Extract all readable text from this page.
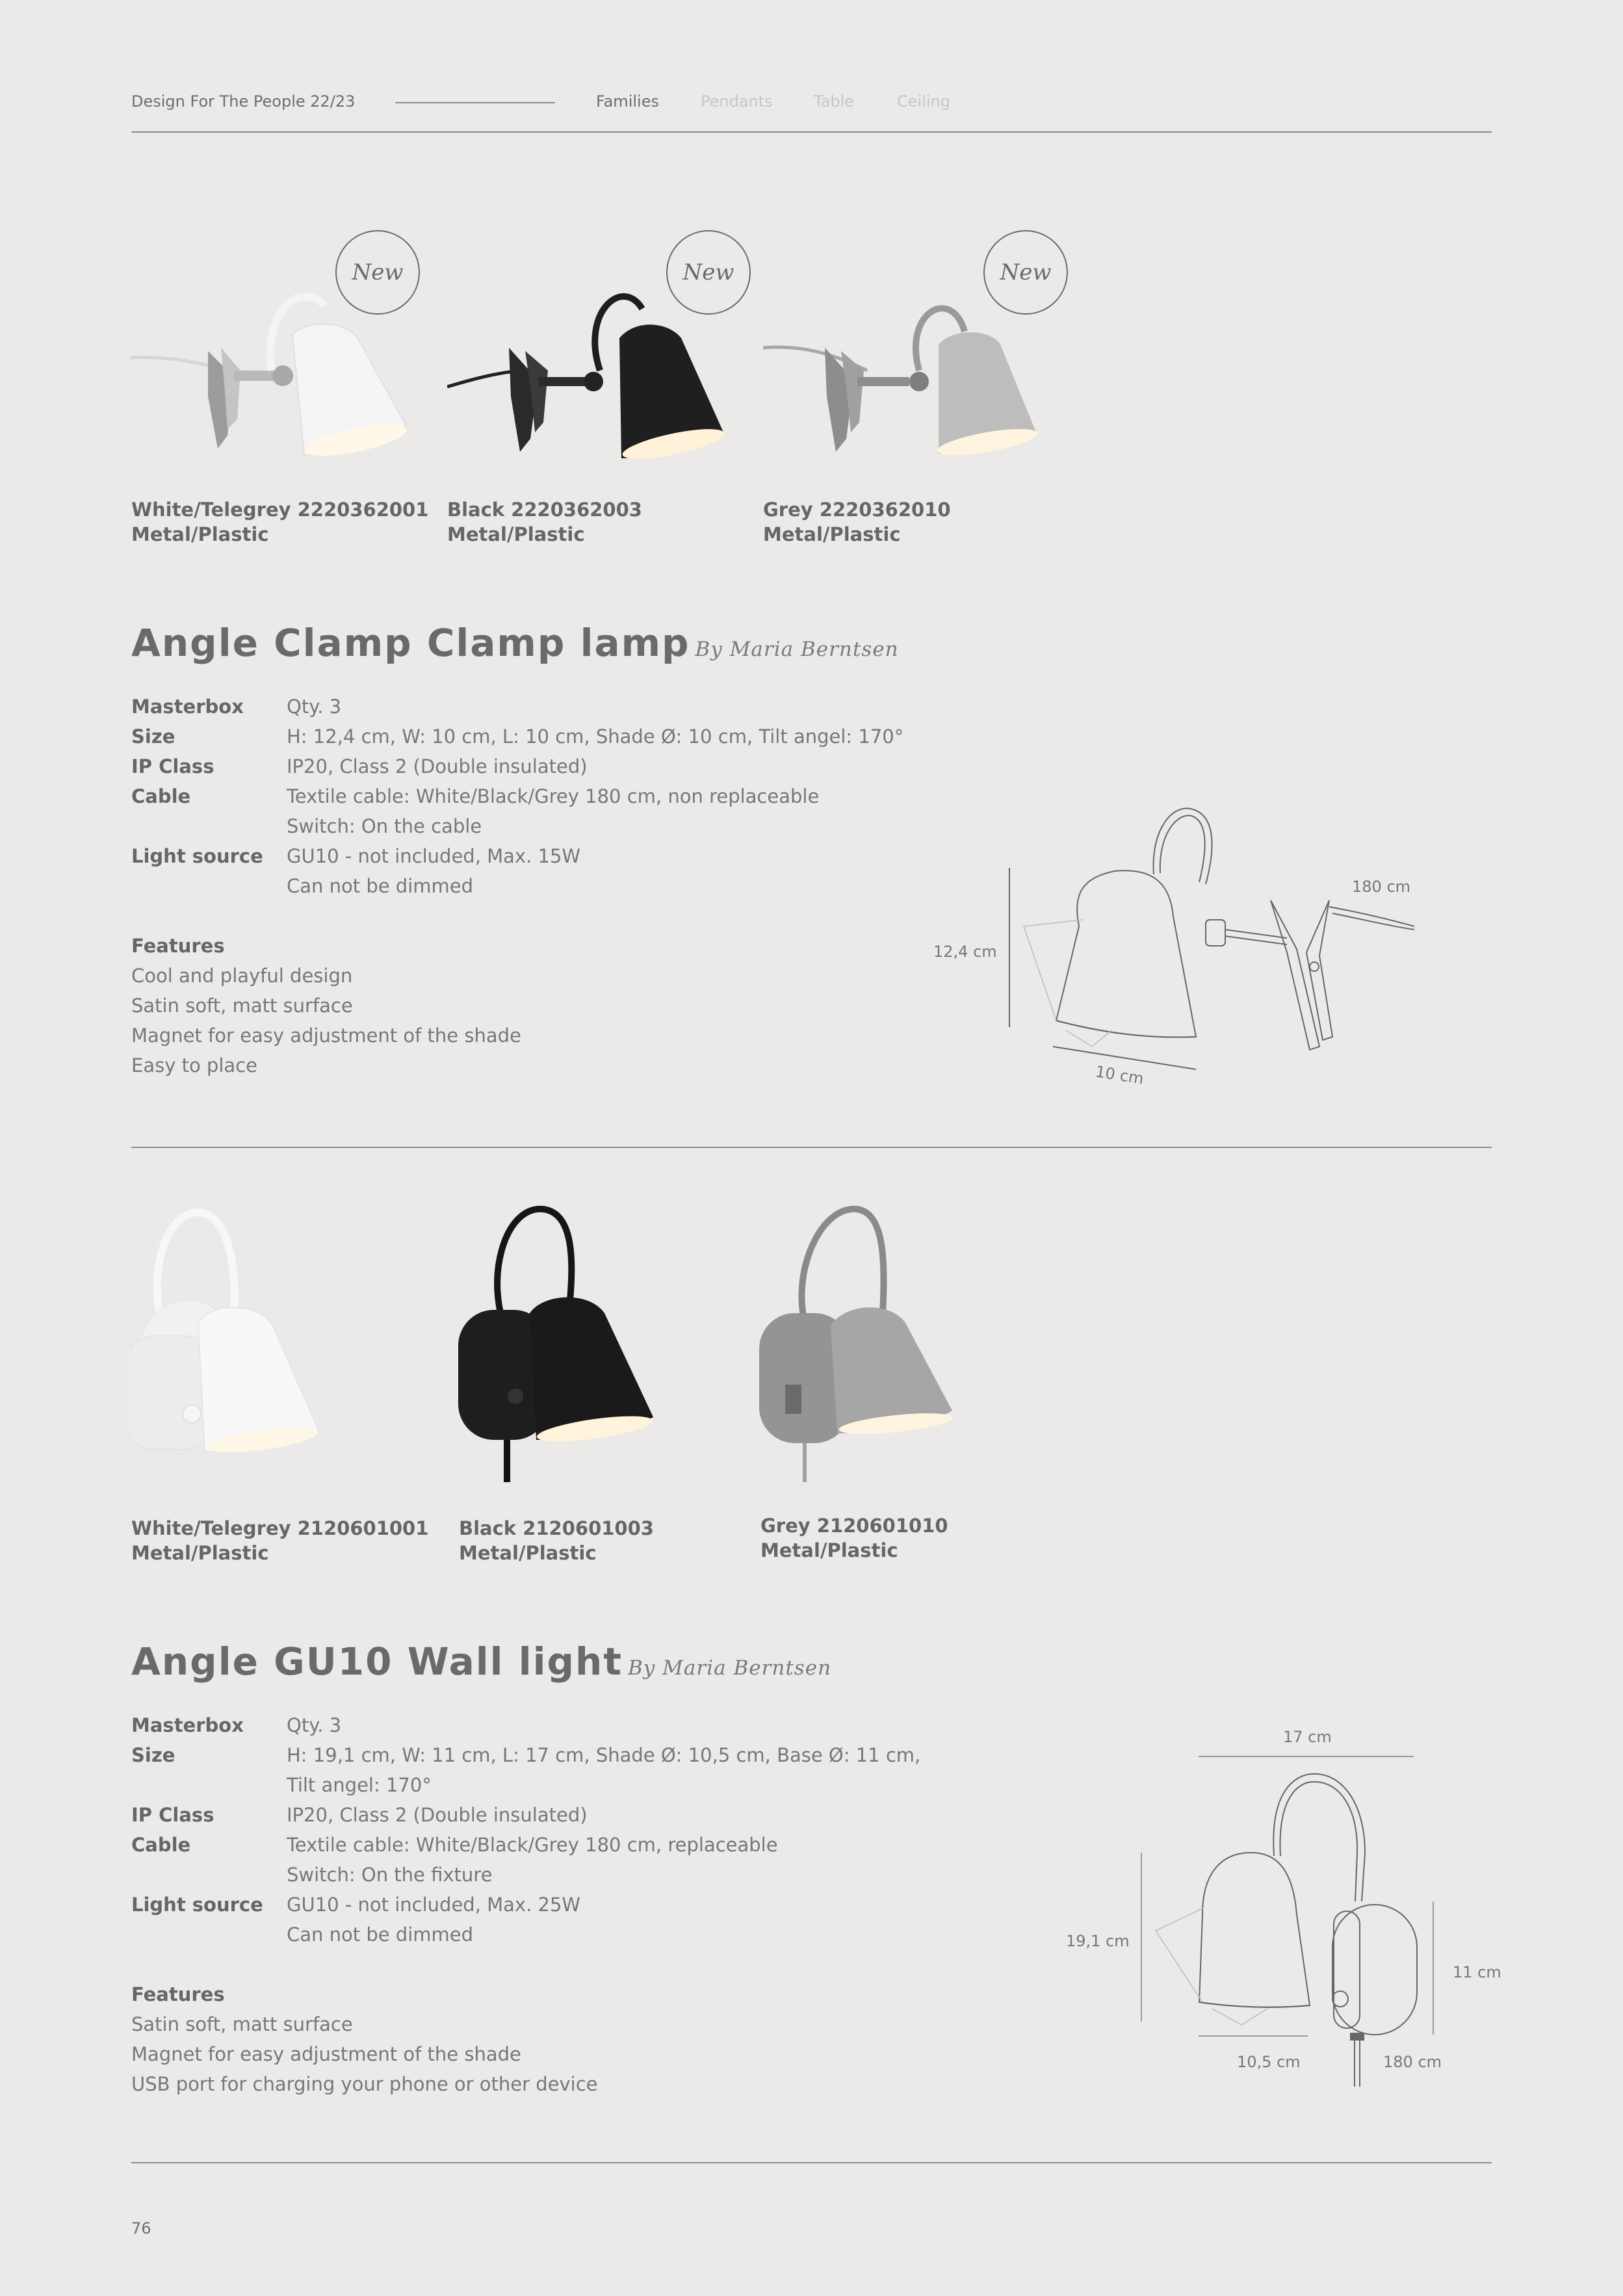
Design For The People 22/23	Families	Pendants	Table	Ceiling
New	New	New
White/Telegrey 2220362001
Metal/Plastic
Black 2220362003
Metal/Plastic
Grey 2220362010
Metal/Plastic
Angle Clamp Clamp lamp By Maria Berntsen
Masterbox	Qty. 3
Size	H: 12,4 cm, W: 10 cm, L: 10 cm, Shade Ø: 10 cm, Tilt angel: 170°
IP Class	IP20, Class 2 (Double insulated)
Cable	Textile cable: White/Black/Grey 180 cm, non replaceable
Switch: On the cable
Light source	GU10 - not included, Max. 15W
Can not be dimmed
Features
Cool and playful design
Satin soft, matt surface
Magnet for easy adjustment of the shade
Easy to place
180 cm
12,4 cm
10 cm
White/Telegrey 2120601001
Metal/Plastic
Black 2120601003
Metal/Plastic
Grey 2120601010
Metal/Plastic
Angle GU10 Wall light By Maria Berntsen
Masterbox	Qty. 3
Size	H: 19,1 cm, W: 11 cm, L: 17 cm, Shade Ø: 10,5 cm, Base Ø: 11 cm,
Tilt angel: 170°
IP Class	IP20, Class 2 (Double insulated)
Cable	Textile cable: White/Black/Grey 180 cm, replaceable
Switch: On the fixture
Light source	GU10 - not included, Max. 25W
Can not be dimmed
Features
Satin soft, matt surface
Magnet for easy adjustment of the shade
USB port for charging your phone or other device
17 cm
19,1 cm
11 cm
10,5 cm	180 cm
76
